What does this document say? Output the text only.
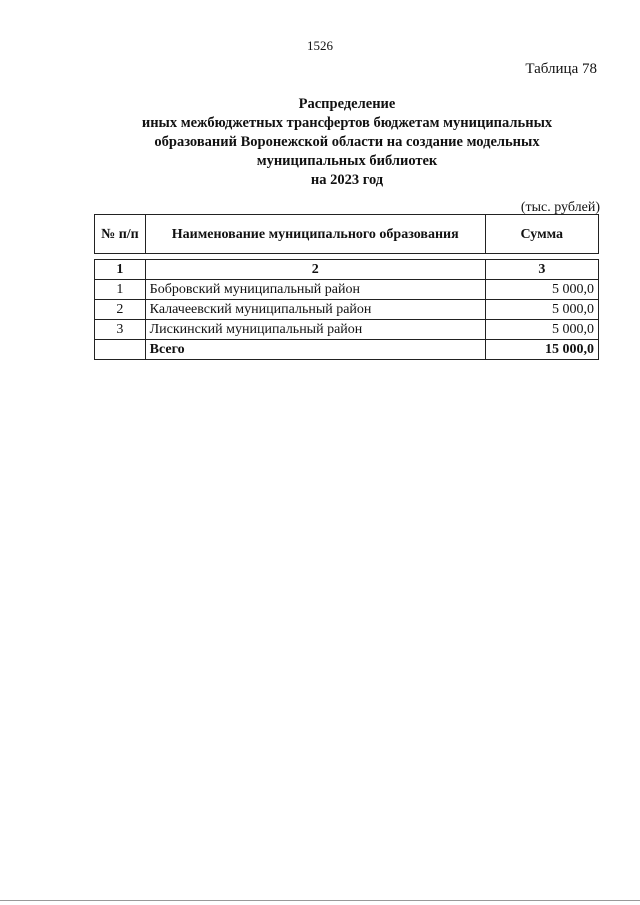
1526
Таблица 78
Распределение
иных межбюджетных трансфертов бюджетам муниципальных
образований Воронежской области на создание модельных
муниципальных библиотек
на 2023 год
(тыс. рублей)
№ п/п	Наименование муниципального образования	Сумма
1	2	3
1	Бобровский муниципальный район	5 000,0
2	Калачеевский муниципальный район	5 000,0
3	Лискинский муниципальный район	5 000,0
	Всего	15 000,0
